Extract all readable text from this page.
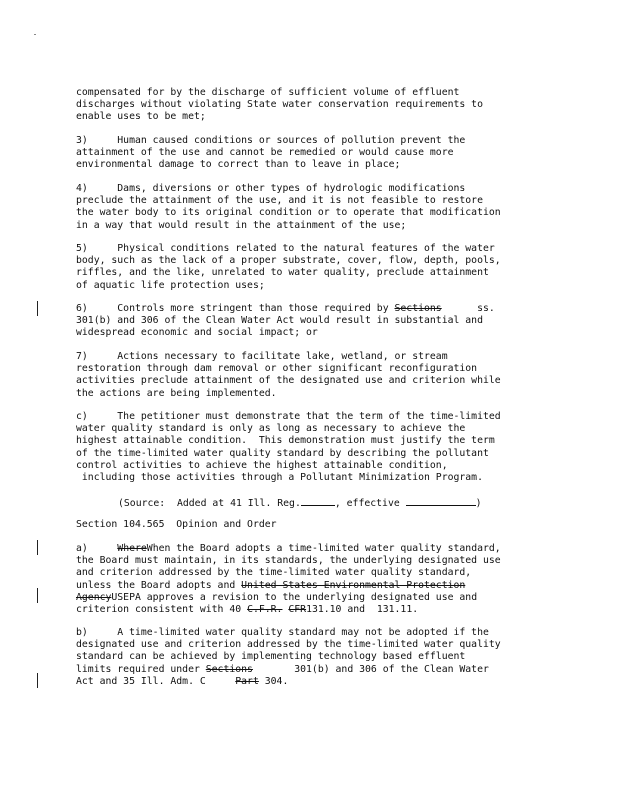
compensated for by the discharge of sufficient volume of effluent
discharges without violating State water conservation requirements to
enable uses to be met;
3)     Human caused conditions or sources of pollution prevent the
attainment of the use and cannot be remedied or would cause more
environmental damage to correct than to leave in place;
4)     Dams, diversions or other types of hydrologic modifications
preclude the attainment of the use, and it is not feasible to restore
the water body to its original condition or to operate that modification
in a way that would result in the attainment of the use;
5)     Physical conditions related to the natural features of the water
body, such as the lack of a proper substrate, cover, flow, depth, pools,
riffles, and the like, unrelated to water quality, preclude attainment
of aquatic life protection uses;
6)     Controls more stringent than those required by Sections      ss.
301(b) and 306 of the Clean Water Act would result in substantial and
widespread economic and social impact; or
7)     Actions necessary to facilitate lake, wetland, or stream
restoration through dam removal or other significant reconfiguration
activities preclude attainment of the designated use and criterion while
the actions are being implemented.
c)     The petitioner must demonstrate that the term of the time-limited
water quality standard is only as long as necessary to achieve the
highest attainable condition.  This demonstration must justify the term
of the time-limited water quality standard by describing the pollutant
control activities to achieve the highest attainable condition,
including those activities through a Pollutant Minimization Program.
(Source:  Added at 41 Ill. Reg.	, effective	)
Section 104.565  Opinion and Order
a)     WhereWhen the Board adopts a time-limited water quality standard,
the Board must maintain, in its standards, the underlying designated use
and criterion addressed by the time-limited water quality standard,
unless the Board adopts and United States Environmental Protection
AgencyUSEPA approves a revision to the underlying designated use and
criterion consistent with 40 C.F.R. CFR131.10 and  131.11.
b)     A time-limited water quality standard may not be adopted if the
designated use and criterion addressed by the time-limited water quality
standard can be achieved by implementing technology based effluent
limits required under Sections       301(b) and 306 of the Clean Water
Act and 35 Ill. Adm. C     Part 304.
